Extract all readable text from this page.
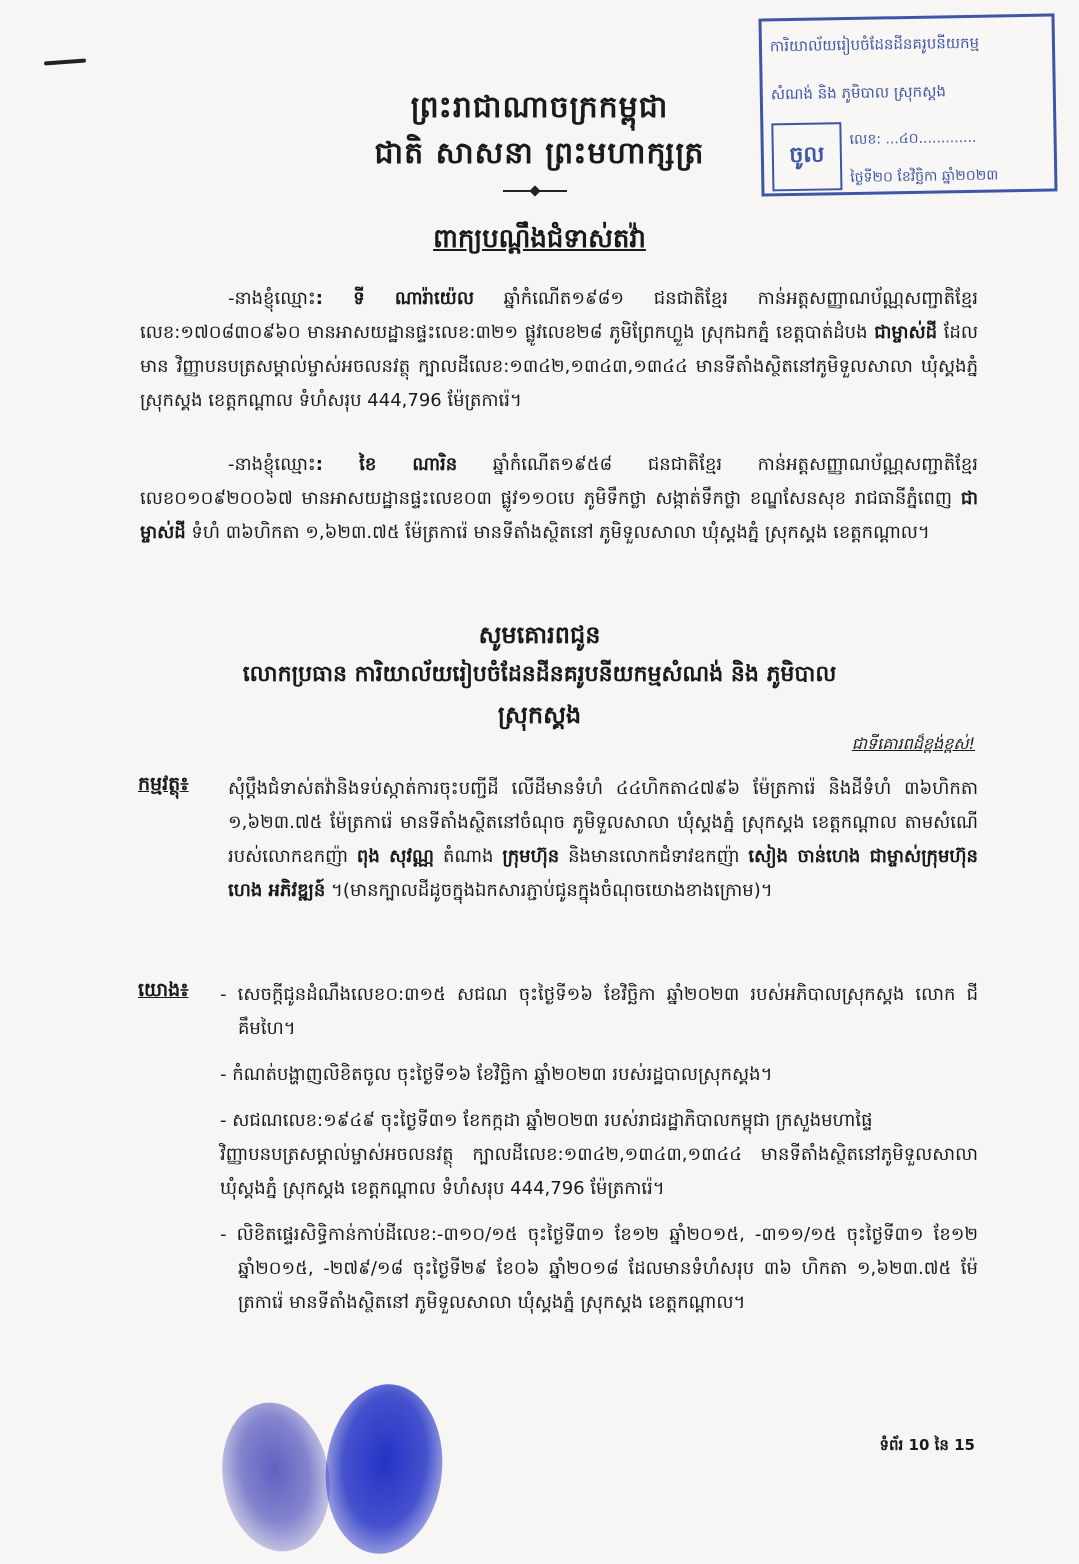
ព្រះរាជាណាចក្រកម្ពុជា
ជាតិ សាសនា ព្រះមហាក្សត្រ
ពាក្យបណ្តឹងជំទាស់តវ៉ា
ការិយាល័យរៀបចំដែនដីនគរូបនីយកម្ម
សំណង់ និង ភូមិបាល ស្រុកស្គង
ចូល
លេខ: ...៤០.............
ថ្ងៃទី២០ ខែវិច្ឆិកា ឆ្នាំ២០២៣
-នាងខ្ញុំឈ្មោះ: ទី ណារ៉ាយ៉េល ឆ្នាំកំណើត១៩៨១ ជនជាតិខ្មែរ កាន់អត្តសញ្ញាណប័ណ្ណសញ្ជាតិខ្មែរ លេខ:១៧០៨៣០៩៦០ មានអាសយដ្ឋានផ្ទះលេខ:៣២១ ផ្លូវលេខ២៨ ភូមិព្រែកហ្លួង ស្រុកឯកភ្នំ ខេត្តបាត់ដំបង ជាម្ចាស់ដី ដែលមាន វិញ្ញាបនបត្រសម្គាល់ម្ចាស់អចលនវត្ថុ ក្បាលដីលេខ:១៣៤២,១៣៤៣,១៣៤៤ មានទីតាំងស្ថិតនៅភូមិទួលសាលា ឃុំស្គងភ្នំ ស្រុកស្គង ខេត្តកណ្តាល ទំហំសរុប 444,796 ម៉ែត្រការ៉េ។
-នាងខ្ញុំឈ្មោះ: ខៃ ណារិន ឆ្នាំកំណើត១៩៥៨ ជនជាតិខ្មែរ កាន់អត្តសញ្ញាណប័ណ្ណសញ្ជាតិខ្មែរ លេខ០១០៩២០០៦៧ មានអាសយដ្ឋានផ្ទះលេខ០៣ ផ្លូវ១១០បេ ភូមិទឹកថ្លា សង្កាត់ទឹកថ្លា ខណ្ឌសែនសុខ រាជធានីភ្នំពេញ ជាម្ចាស់ដី ទំហំ ៣៦ហិកតា ១,៦២៣.៧៥ ម៉ែត្រការ៉េ មានទីតាំងស្ថិតនៅ ភូមិទួលសាលា ឃុំស្គងភ្នំ ស្រុកស្គង ខេត្តកណ្តាល។
សូមគោរពជូន
លោកប្រធាន ការិយាល័យរៀបចំដែនដីនគរូបនីយកម្មសំណង់ និង ភូមិបាល
ស្រុកស្គង
ជាទីគោរពដ៏ខ្ពង់ខ្ពស់!
កម្មវត្ថុ៖ សុំប្តឹងជំទាស់តវ៉ានិងទប់ស្កាត់ការចុះបញ្ជីដី លើដីមានទំហំ ៤៤ហិកតា៤៧៩៦ ម៉ែត្រការ៉េ និងដីទំហំ ៣៦ហិកតា ១,៦២៣.៧៥ ម៉ែត្រការ៉េ មានទីតាំងស្ថិតនៅចំណុច ភូមិទួលសាលា ឃុំស្គងភ្នំ ស្រុកស្គង ខេត្តកណ្តាល តាមសំណើរបស់លោកឧកញ៉ា ពុង សុវណ្ណ តំណាង ក្រុមហ៊ុន និងមានលោកជំទាវឧកញ៉ា សៀង ចាន់ហេង ជាម្ចាស់ក្រុមហ៊ុន ហេង អភិវឌ្ឍន៍ ។(មានក្បាលដីដូចក្នុងឯកសារភ្ជាប់ជូនក្នុងចំណុចយោងខាងក្រោម)។
យោង៖

-	សេចក្តីជូនដំណឹងលេខ០:៣១៥ សជណ ចុះថ្ងៃទី១៦ ខែវិច្ឆិកា ឆ្នាំ២០២៣ របស់អភិបាលស្រុកស្គង លោក ជី គឹមហៃ។

- កំណត់បង្ហាញលិខិតចូល ចុះថ្ងៃទី១៦ ខែវិច្ឆិកា ឆ្នាំ២០២៣ របស់រដ្ឋបាលស្រុកស្គង។

- សជណលេខ:១៩៤៩ ចុះថ្ងៃទី៣១ ខែកក្កដា ឆ្នាំ២០២៣ របស់រាជរដ្ឋាភិបាលកម្ពុជា ក្រសួងមហាផ្ទៃ

វិញ្ញាបនបត្រសម្គាល់ម្ចាស់អចលនវត្ថុ ក្បាលដីលេខ:១៣៤២,១៣៤៣,១៣៤៤ មានទីតាំងស្ថិតនៅភូមិទួលសាលា ឃុំស្គងភ្នំ ស្រុកស្គង ខេត្តកណ្តាល ទំហំសរុប 444,796 ម៉ែត្រការ៉េ។

- លិខិតផ្ទេរសិទ្ធិកាន់កាប់ដីលេខ:-៣១០/១៥ ចុះថ្ងៃទី៣១ ខែ១២ ឆ្នាំ២០១៥, -៣១១/១៥ ចុះថ្ងៃទី៣១ ខែ១២ ឆ្នាំ២០១៥, -២៧៩/១៨ ចុះថ្ងៃទី២៩ ខែ០៦ ឆ្នាំ២០១៨ ដែលមានទំហំសរុប ៣៦ ហិកតា ១,៦២៣.៧៥ ម៉ែត្រការ៉េ មានទីតាំងស្ថិតនៅ ភូមិទួលសាលា ឃុំស្គងភ្នំ ស្រុកស្គង ខេត្តកណ្តាល។

ទំព័រ 10 នៃ 15
